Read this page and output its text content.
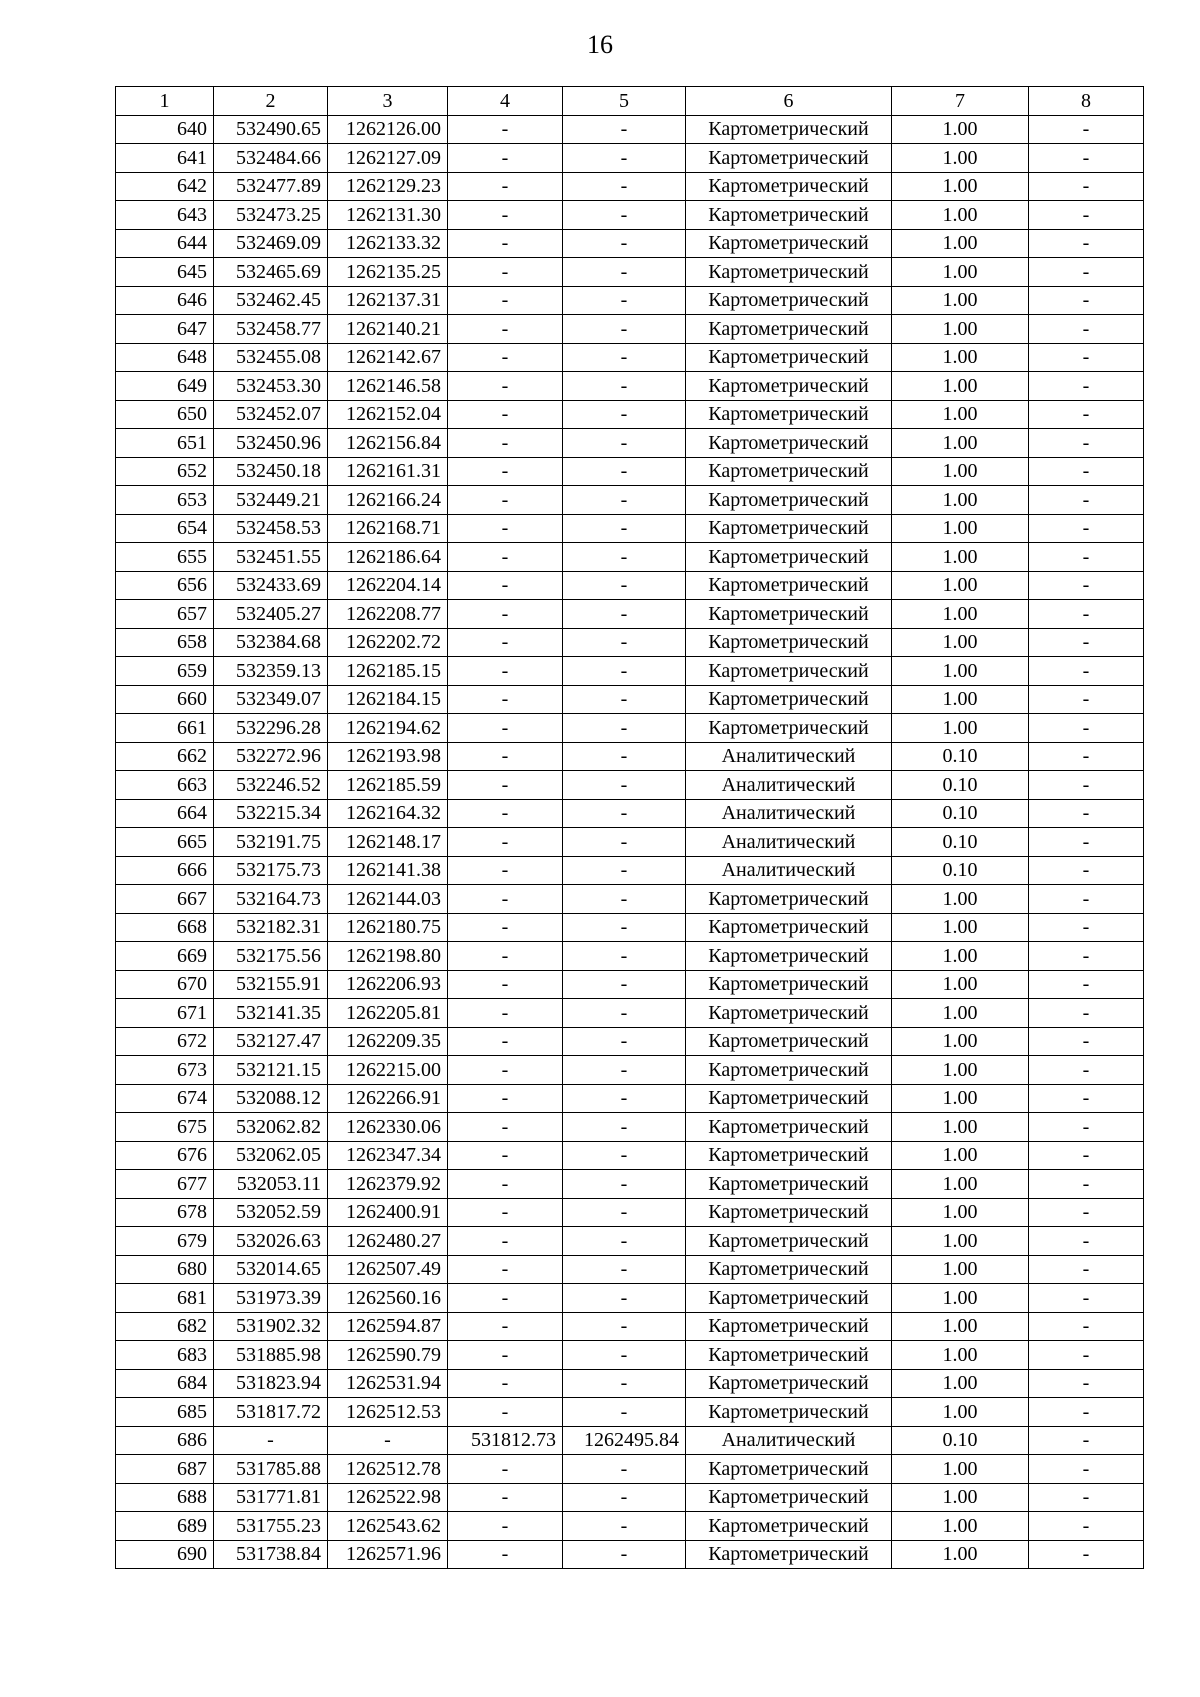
16
1	2	3	4	5	6	7	8
640	532490.65	1262126.00	-	-	Картометрический	1.00	-
641	532484.66	1262127.09	-	-	Картометрический	1.00	-
642	532477.89	1262129.23	-	-	Картометрический	1.00	-
643	532473.25	1262131.30	-	-	Картометрический	1.00	-
644	532469.09	1262133.32	-	-	Картометрический	1.00	-
645	532465.69	1262135.25	-	-	Картометрический	1.00	-
646	532462.45	1262137.31	-	-	Картометрический	1.00	-
647	532458.77	1262140.21	-	-	Картометрический	1.00	-
648	532455.08	1262142.67	-	-	Картометрический	1.00	-
649	532453.30	1262146.58	-	-	Картометрический	1.00	-
650	532452.07	1262152.04	-	-	Картометрический	1.00	-
651	532450.96	1262156.84	-	-	Картометрический	1.00	-
652	532450.18	1262161.31	-	-	Картометрический	1.00	-
653	532449.21	1262166.24	-	-	Картометрический	1.00	-
654	532458.53	1262168.71	-	-	Картометрический	1.00	-
655	532451.55	1262186.64	-	-	Картометрический	1.00	-
656	532433.69	1262204.14	-	-	Картометрический	1.00	-
657	532405.27	1262208.77	-	-	Картометрический	1.00	-
658	532384.68	1262202.72	-	-	Картометрический	1.00	-
659	532359.13	1262185.15	-	-	Картометрический	1.00	-
660	532349.07	1262184.15	-	-	Картометрический	1.00	-
661	532296.28	1262194.62	-	-	Картометрический	1.00	-
662	532272.96	1262193.98	-	-	Аналитический	0.10	-
663	532246.52	1262185.59	-	-	Аналитический	0.10	-
664	532215.34	1262164.32	-	-	Аналитический	0.10	-
665	532191.75	1262148.17	-	-	Аналитический	0.10	-
666	532175.73	1262141.38	-	-	Аналитический	0.10	-
667	532164.73	1262144.03	-	-	Картометрический	1.00	-
668	532182.31	1262180.75	-	-	Картометрический	1.00	-
669	532175.56	1262198.80	-	-	Картометрический	1.00	-
670	532155.91	1262206.93	-	-	Картометрический	1.00	-
671	532141.35	1262205.81	-	-	Картометрический	1.00	-
672	532127.47	1262209.35	-	-	Картометрический	1.00	-
673	532121.15	1262215.00	-	-	Картометрический	1.00	-
674	532088.12	1262266.91	-	-	Картометрический	1.00	-
675	532062.82	1262330.06	-	-	Картометрический	1.00	-
676	532062.05	1262347.34	-	-	Картометрический	1.00	-
677	532053.11	1262379.92	-	-	Картометрический	1.00	-
678	532052.59	1262400.91	-	-	Картометрический	1.00	-
679	532026.63	1262480.27	-	-	Картометрический	1.00	-
680	532014.65	1262507.49	-	-	Картометрический	1.00	-
681	531973.39	1262560.16	-	-	Картометрический	1.00	-
682	531902.32	1262594.87	-	-	Картометрический	1.00	-
683	531885.98	1262590.79	-	-	Картометрический	1.00	-
684	531823.94	1262531.94	-	-	Картометрический	1.00	-
685	531817.72	1262512.53	-	-	Картометрический	1.00	-
686	-	-	531812.73	1262495.84	Аналитический	0.10	-
687	531785.88	1262512.78	-	-	Картометрический	1.00	-
688	531771.81	1262522.98	-	-	Картометрический	1.00	-
689	531755.23	1262543.62	-	-	Картометрический	1.00	-
690	531738.84	1262571.96	-	-	Картометрический	1.00	-
